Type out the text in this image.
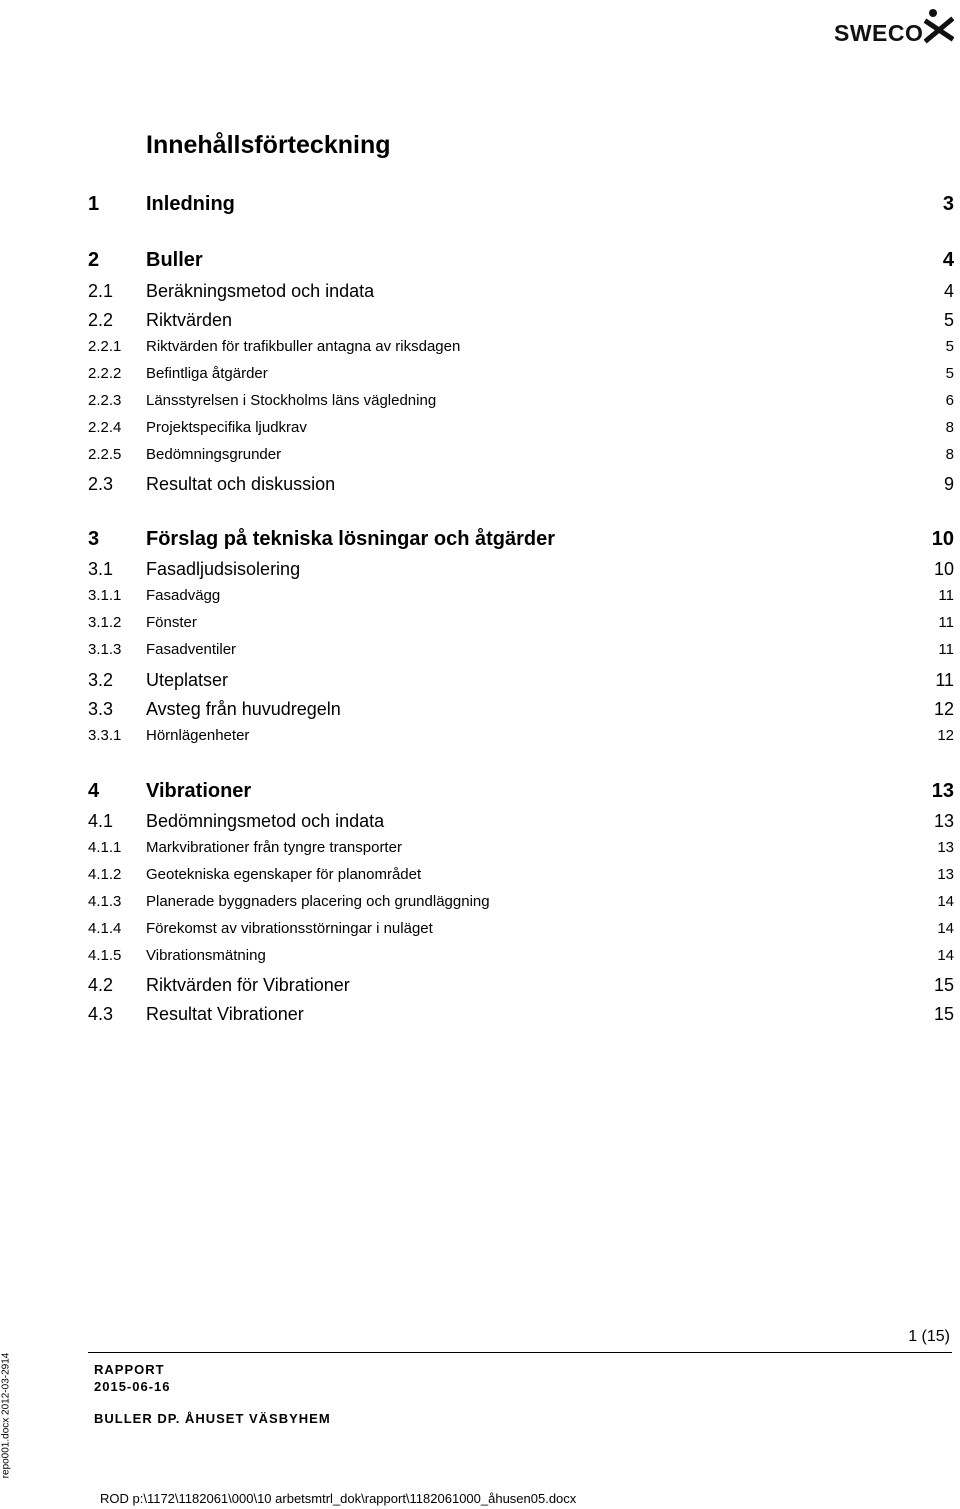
SWECO
Innehållsförteckning
1 Inledning	3
2 Buller	4
2.1 Beräkningsmetod och indata	4
2.2 Riktvärden	5
2.2.1 Riktvärden för trafikbuller antagna av riksdagen	5
2.2.2 Befintliga åtgärder	5
2.2.3 Länsstyrelsen i Stockholms läns vägledning	6
2.2.4 Projektspecifika ljudkrav	8
2.2.5 Bedömningsgrunder	8
2.3 Resultat och diskussion	9
3 Förslag på tekniska lösningar och åtgärder	10
3.1 Fasadljudsisolering	10
3.1.1 Fasadvägg	11
3.1.2 Fönster	11
3.1.3 Fasadventiler	11
3.2 Uteplatser	11
3.3 Avsteg från huvudregeln	12
3.3.1 Hörnlägenheter	12
4 Vibrationer	13
4.1 Bedömningsmetod och indata	13
4.1.1 Markvibrationer från tyngre transporter	13
4.1.2 Geotekniska egenskaper för planområdet	13
4.1.3 Planerade byggnaders placering och grundläggning	14
4.1.4 Förekomst av vibrationsstörningar i nuläget	14
4.1.5 Vibrationsmätning	14
4.2 Riktvärden för Vibrationer	15
4.3 Resultat Vibrationer	15
1 (15)
RAPPORT
2015-06-16
BULLER DP. ÅHUSET VÄSBYHEM
repo001.docx 2012-03-2914
ROD p:\1172\1182061\000\10 arbetsmtrl_dok\rapport\1182061000_åhusen05.docx
